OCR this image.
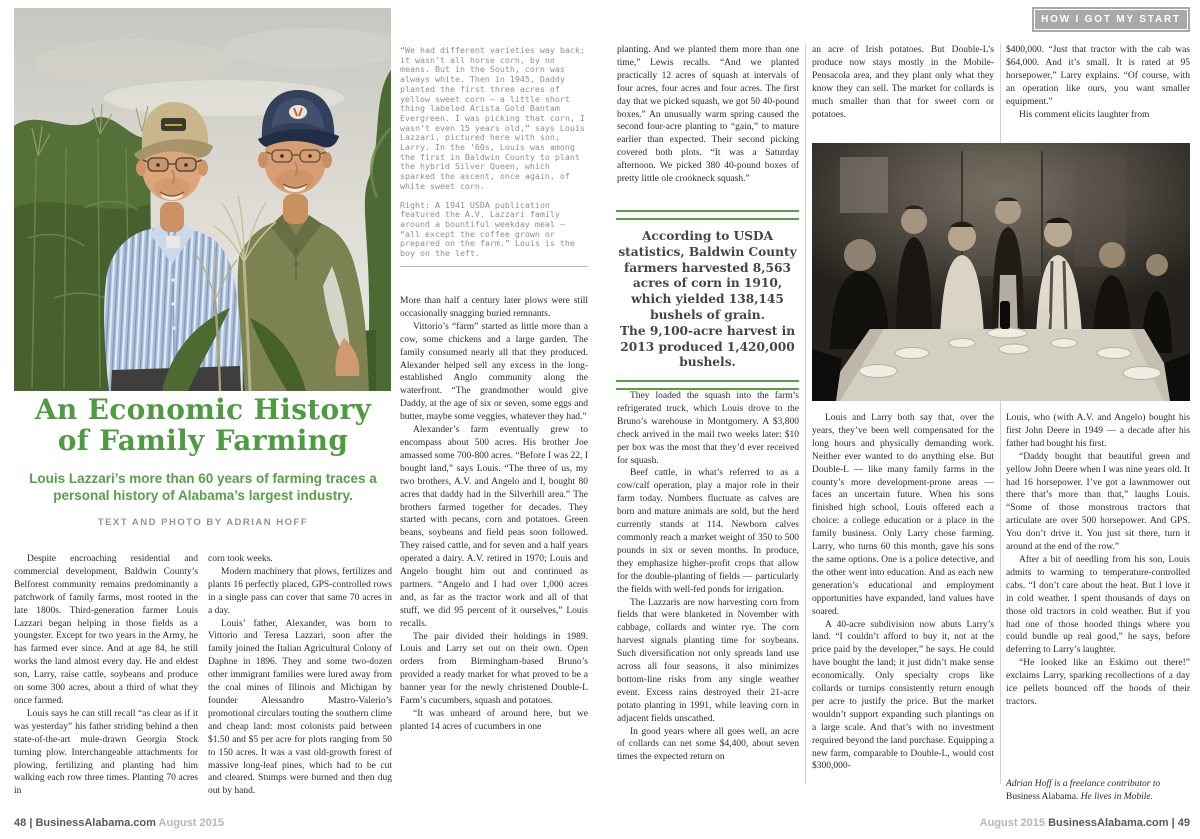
HOW I GOT MY START
An Economic History
of Family Farming
Louis Lazzari’s more than 60 years of farming traces a personal history of Alabama’s largest industry.
TEXT AND PHOTO BY ADRIAN HOFF

Despite encroaching residential and commercial development, Baldwin County’s Belforest community remains predominantly a patchwork of family farms, most rooted in the late 1800s. Third-generation farmer Louis Lazzari began helping in those fields as a youngster. Except for two years in the Army, he has farmed ever since. And at age 84, he still works the land almost every day. He and eldest son, Larry, raise cattle, soybeans and produce on some 300 acres, about a third of what they once farmed.

Louis says he can still recall “as clear as if it was yesterday” his father striding behind a then state-of-the-art mule-drawn Georgia Stock turning plow. Interchangeable attachments for plowing, fertilizing and planting had him walking each row three times. Planting 70 acres in

corn took weeks.

Modern machinery that plows, fertilizes and plants 16 perfectly placed, GPS-controlled rows in a single pass can cover that same 70 acres in a day.

Louis’ father, Alexander, was born to Vittorio and Teresa Lazzari, soon after the family joined the Italian Agricultural Colony of Daphne in 1896. They and some two-dozen other immigrant families were lured away from the coal mines of Illinois and Michigan by founder Alessandro Mastro-Valerio’s promotional circulars touting the southern clime and cheap land: most colonists paid between $1.50 and $5 per acre for plots ranging from 50 to 150 acres. It was a vast old-growth forest of massive long-leaf pines, which had to be cut and cleared. Stumps were burned and then dug out by hand.

“We had different varieties way back; it wasn’t all horse corn, by no means. But in the South, corn was always white. Then in 1945, Daddy planted the first three acres of yellow sweet corn — a little short thing labeled Arista Gold Bantam Evergreen. I was picking that corn, I wasn’t even 15 years old,” says Louis Lazzari, pictured here with son, Larry. In the ’60s, Louis was among the first in Baldwin County to plant the hybrid Silver Queen, which sparked the ascent, once again, of white sweet corn.

Right: A 1941 USDA publication featured the A.V. Lazzari family around a bountiful weekday meal — “all except the coffee grown or prepared on the farm.” Louis is the boy on the left.

More than half a century later plows were still occasionally snagging buried remnants.

Vittorio’s “farm” started as little more than a cow, some chickens and a large garden. The family consumed nearly all that they produced. Alexander helped sell any excess in the long-established Anglo community along the waterfront. “The grandmother would give Daddy, at the age of six or seven, some eggs and butter, maybe some veggies, whatever they had.”

Alexander’s farm eventually grew to encompass about 500 acres. His brother Joe amassed some 700-800 acres. “Before I was 22, I bought land,” says Louis. “The three of us, my two brothers, A.V. and Angelo and I, bought 80 acres that daddy had in the Silverhill area.” The brothers farmed together for decades. They started with pecans, corn and potatoes. Green beans, soybeans and field peas soon followed. They raised cattle, and for seven and a half years operated a dairy. A.V. retired in 1970; Louis and Angelo bought him out and continued as partners. “Angelo and I had over 1,000 acres and, as far as the tractor work and all of that stuff, we did 95 percent of it ourselves,” Louis recalls.

The pair divided their holdings in 1989. Louis and Larry set out on their own. Open orders from Birmingham-based Bruno’s provided a ready market for what proved to be a banner year for the newly christened Double-L Farm’s cucumbers, squash and potatoes.

“It was unheard of around here, but we planted 14 acres of cucumbers in one

planting. And we planted them more than one time,” Lewis recalls. “And we planted practically 12 acres of squash at intervals of four acres, four acres and four acres. The first day that we picked squash, we got 50 40-pound boxes.” An unusually warm spring caused the second four-acre planting to “gain,” to mature earlier than expected. Their second picking covered both plots. “It was a Saturday afternoon. We picked 380 40-pound boxes of pretty little ole crookneck squash.”

According to USDA statistics, Baldwin County farmers harvested 8,563 acres of corn in 1910, which yielded 138,145 bushels of grain.

The 9,100-acre harvest in 2013 produced 1,420,000 bushels.

They loaded the squash into the farm’s refrigerated truck, which Louis drove to the Bruno’s warehouse in Montgomery. A $3,800 check arrived in the mail two weeks later: $10 per box was the most that they’d ever received for squash.

Beef cattle, in what’s referred to as a cow/calf operation, play a major role in their farm today. Numbers fluctuate as calves are born and mature animals are sold, but the herd currently stands at 114. Newborn calves commonly reach a market weight of 350 to 500 pounds in six or seven months. In produce, they emphasize higher-profit crops that allow for the double-planting of fields — particularly the fields with well-fed ponds for irrigation.

The Lazzaris are now harvesting corn from fields that were blanketed in November with cabbage, collards and winter rye. The corn harvest signals planting time for soybeans. Such diversification not only spreads land use across all four seasons, it also minimizes bottom-line risks from any single weather event. Excess rains destroyed their 21-acre potato planting in 1991, while leaving corn in adjacent fields unscathed.

In good years where all goes well, an acre of collards can net some $4,400, about seven times the expected return on

an acre of Irish potatoes. But Double-L’s produce now stays mostly in the Mobile-Pensacola area, and they plant only what they know they can sell. The market for collards is much smaller than that for sweet corn or potatoes.

$400,000. “Just that tractor with the cab was $64,000. And it’s small. It is rated at 95 horsepower,” Larry explains. “Of course, with an operation like ours, you want smaller equipment.”

His comment elicits laughter from

Louis and Larry both say that, over the years, they’ve been well compensated for the long hours and physically demanding work. Neither ever wanted to do anything else. But Double-L — like many family farms in the county’s more development-prone areas — faces an uncertain future. When his sons finished high school, Louis offered each a choice: a college education or a place in the family business. Only Larry chose farming. Larry, who turns 60 this month, gave his sons the same options. One is a police detective, and the other went into education. And as each new generation’s educational and employment opportunities have expanded, land values have soared.

A 40-acre subdivision now abuts Larry’s land. “I couldn’t afford to buy it, not at the price paid by the developer,” he says. He could have bought the land; it just didn’t make sense economically. Only specialty crops like collards or turnips consistently return enough per acre to justify the price. But the market wouldn’t support expanding such plantings on a large scale. And that’s with no investment required beyond the land purchase. Equipping a new farm, comparable to Double-L, would cost $300,000-

Louis, who (with A.V. and Angelo) bought his first John Deere in 1949 — a decade after his father had bought his first.

“Daddy bought that beautiful green and yellow John Deere when I was nine years old. It had 16 horsepower. I’ve got a lawnmower out there that’s more than that,” laughs Louis. “Some of those monstrous tractors that articulate are over 500 horsepower. And GPS. You don’t drive it. You just sit there, turn it around at the end of the row.”

After a bit of needling from his son, Louis admits to warming to temperature-controlled cabs. “I don’t care about the heat. But I love it in cold weather. I spent thousands of days on those old tractors in cold weather. But if you had one of those hooded things where you could bundle up real good,” he says, before deferring to Larry’s laughter.

“He looked like an Eskimo out there!” exclaims Larry, sparking recollections of a day ice pellets bounced off the hoods of their tractors.

Adrian Hoff is a freelance contributor to Business Alabama. He lives in Mobile.
48 | BusinessAlabama.com August 2015	August 2015 BusinessAlabama.com | 49
